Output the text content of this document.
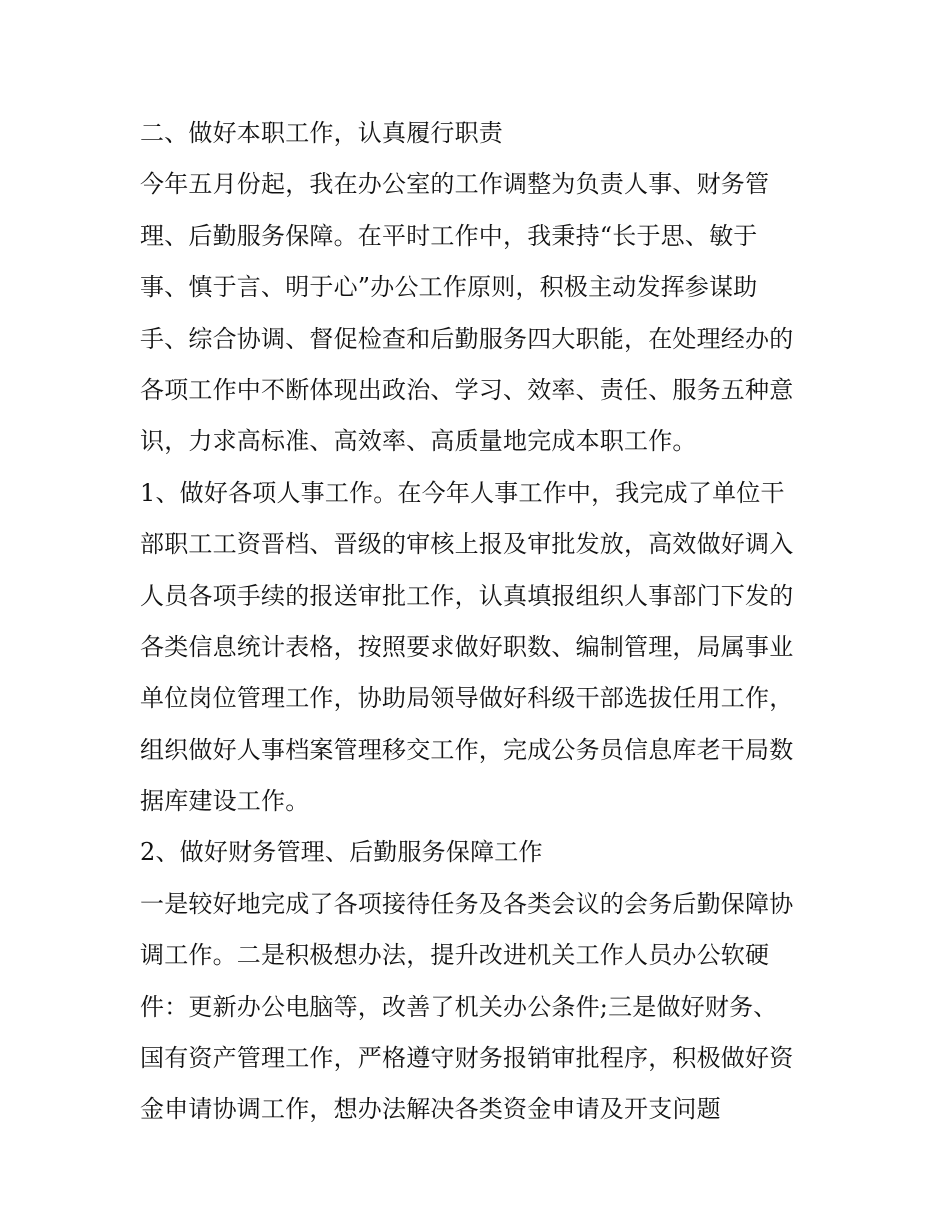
二、做好本职工作，认真履行职责
今年五月份起，我在办公室的工作调整为负责人事、财务管
理、后勤服务保障。在平时工作中，我秉持“长于思、敏于
事、慎于言、明于心”办公工作原则，积极主动发挥参谋助
手、综合协调、督促检查和后勤服务四大职能，在处理经办的
各项工作中不断体现出政治、学习、效率、责任、服务五种意
识，力求高标准、高效率、高质量地完成本职工作。
1、做好各项人事工作。在今年人事工作中，我完成了单位干
部职工工资晋档、晋级的审核上报及审批发放，高效做好调入
人员各项手续的报送审批工作，认真填报组织人事部门下发的
各类信息统计表格，按照要求做好职数、编制管理，局属事业
单位岗位管理工作，协助局领导做好科级干部选拔任用工作，
组织做好人事档案管理移交工作，完成公务员信息库老干局数
据库建设工作。
2、做好财务管理、后勤服务保障工作
一是较好地完成了各项接待任务及各类会议的会务后勤保障协
调工作。二是积极想办法，提升改进机关工作人员办公软硬
件：更新办公电脑等，改善了机关办公条件;三是做好财务、
国有资产管理工作，严格遵守财务报销审批程序，积极做好资
金申请协调工作，想办法解决各类资金申请及开支问题
